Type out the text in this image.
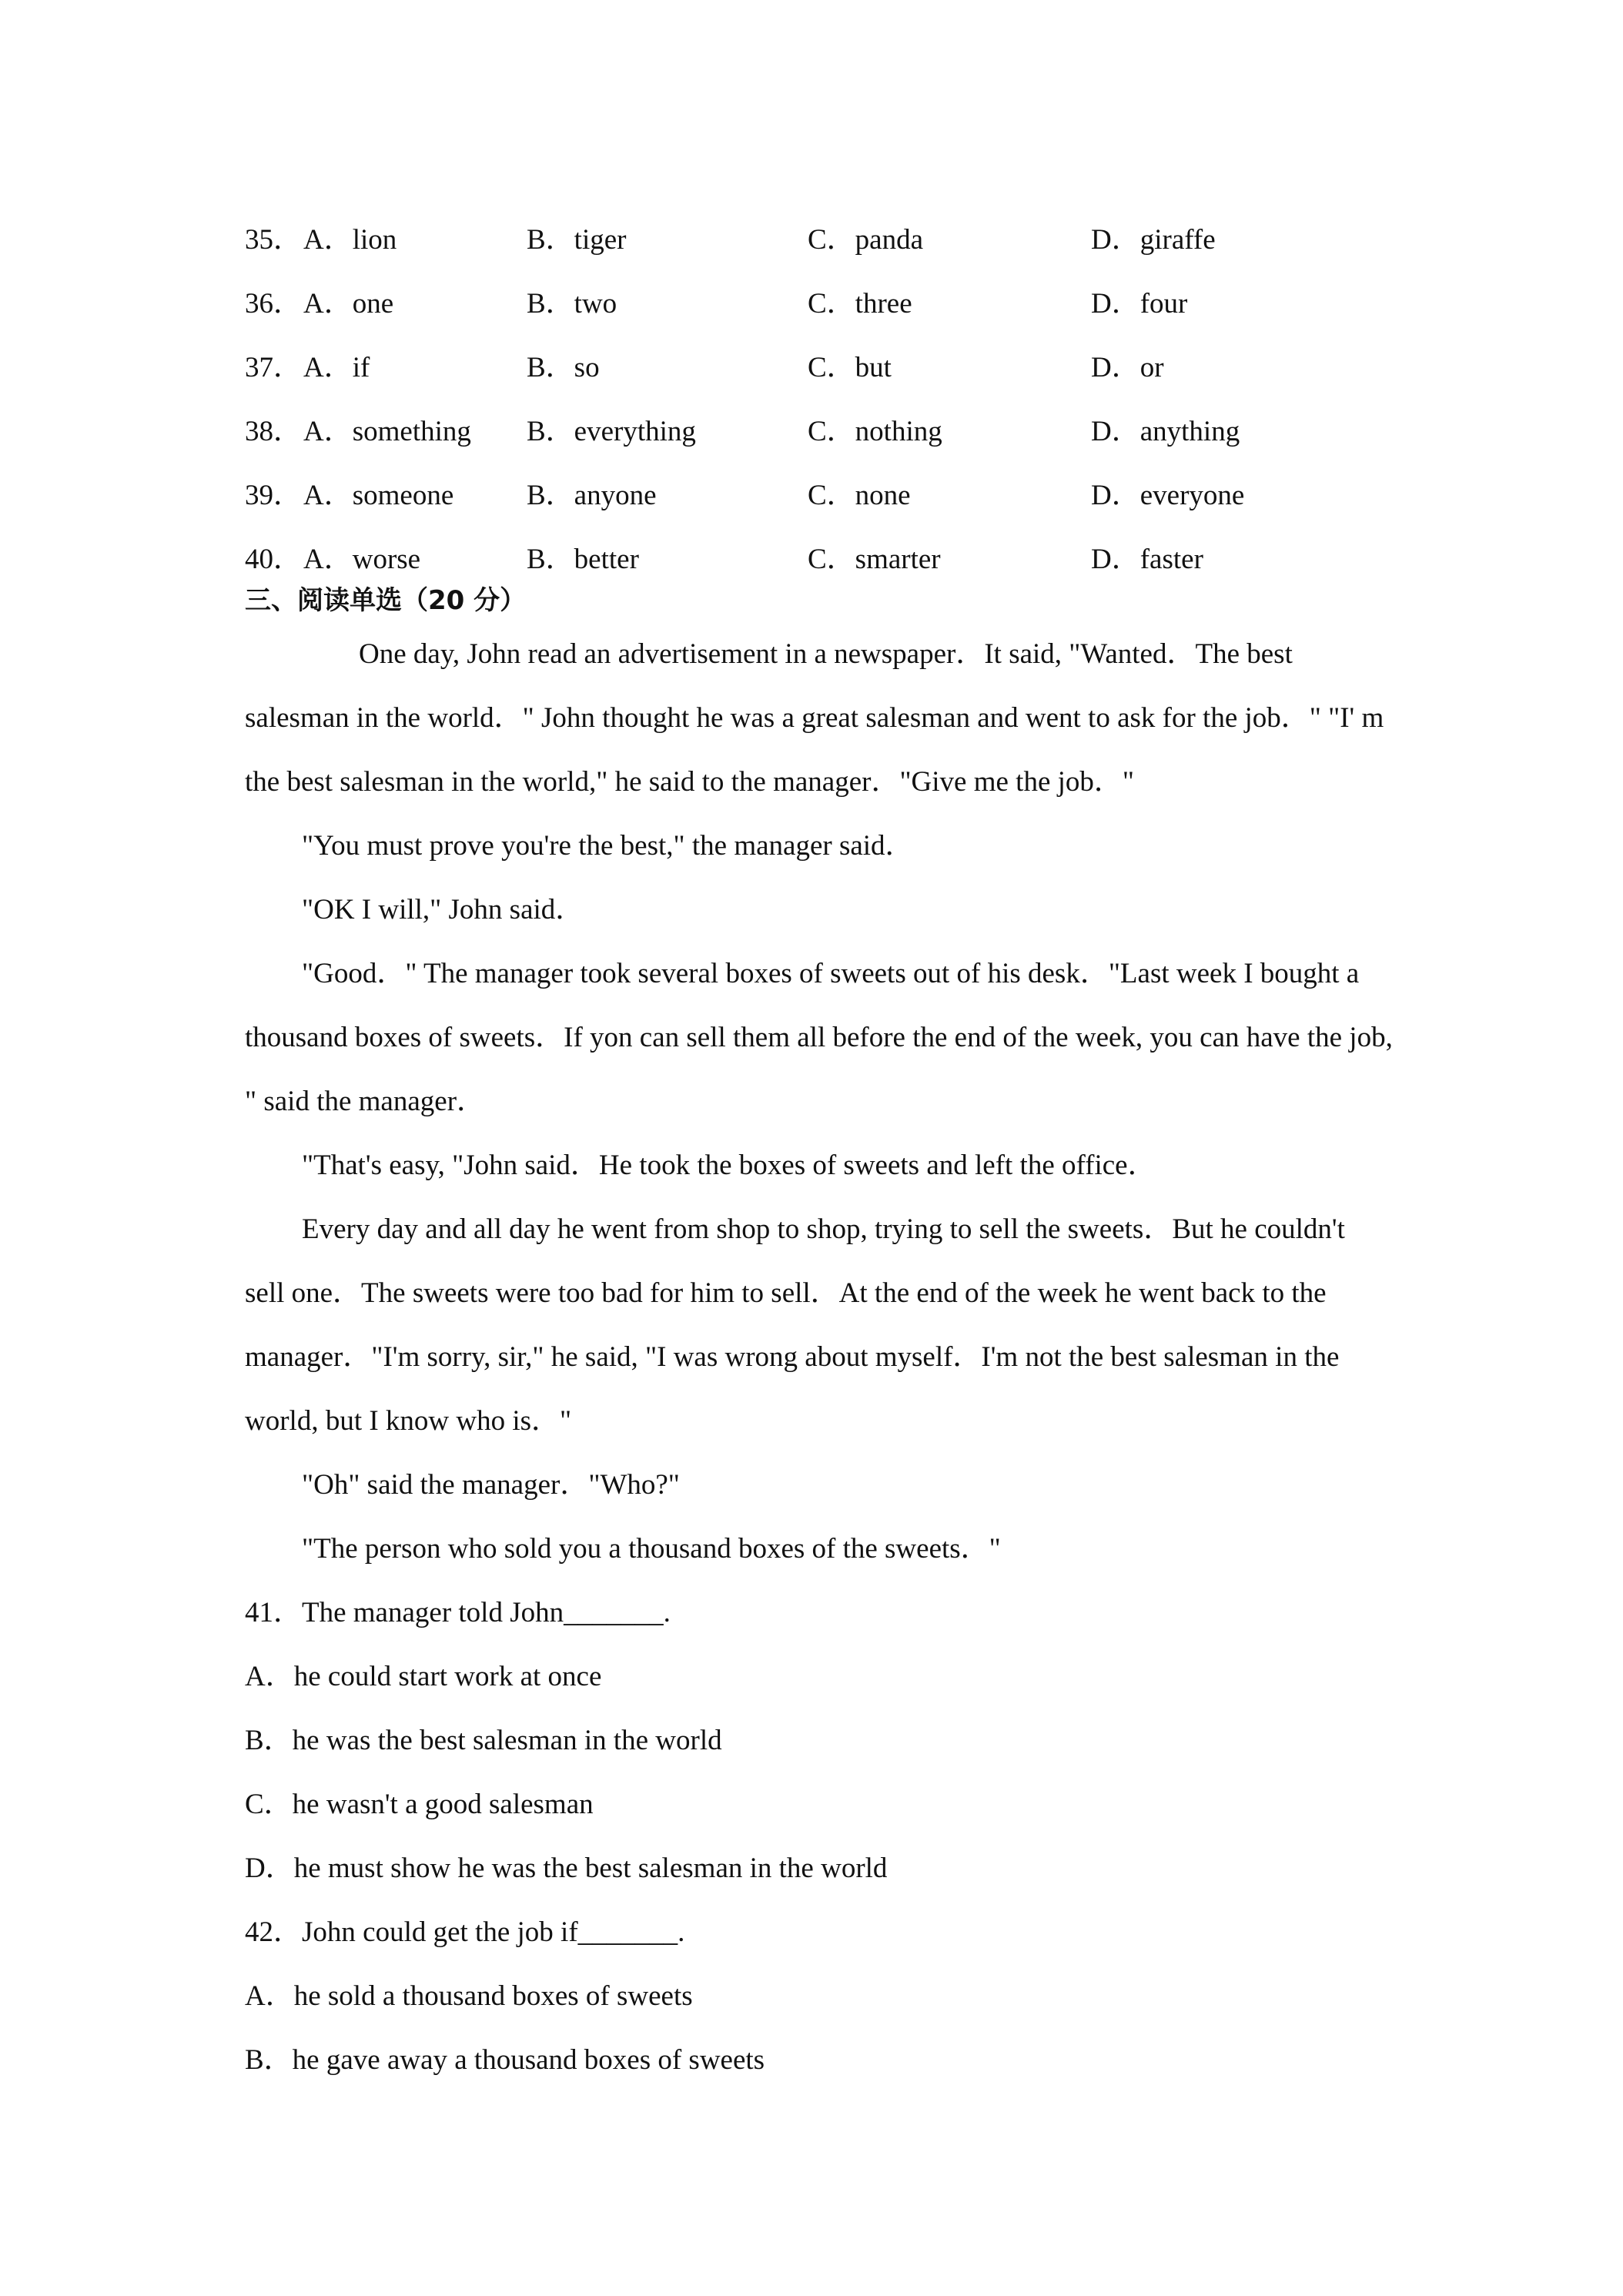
35． A．lion	B．tiger	C．panda	D．giraffe
36． A．one	B．two	C．three	D．four
37． A．if	B．so	C．but	D．or
38． A．something B．everything	C．nothing	D．anything
39． A．someone	B．anyone	C．none	D．everyone
40． A．worse	B．better	C．smarter	D．faster
三、阅读单选（20 分）
One day, John read an advertisement in a newspaper．It said, "Wanted．The best
salesman in the world．" John thought he was a great salesman and went to ask for the job．" "I' m
the best salesman in the world," he said to the manager．"Give me the job．"
"You must prove you're the best," the manager said．
"OK I will," John said．
"Good．" The manager took several boxes of sweets out of his desk．"Last week I bought a
thousand boxes of sweets．If yon can sell them all before the end of the week, you can have the job,
" said the manager．
"That's easy, "John said．He took the boxes of sweets and left the office．
Every day and all day he went from shop to shop, trying to sell the sweets．But he couldn't
sell one．The sweets were too bad for him to sell．At the end of the week he went back to the
manager．"I'm sorry, sir," he said, "I was wrong about myself．I'm not the best salesman in the
world, but I know who is．"
"Oh" said the manager．"Who?"
"The person who sold you a thousand boxes of the sweets．"
41．The manager told John_______.
A．he could start work at once
B．he was the best salesman in the world
C．he wasn't a good salesman
D．he must show he was the best salesman in the world
42．John could get the job if_______.
A．he sold a thousand boxes of sweets
B．he gave away a thousand boxes of sweets
